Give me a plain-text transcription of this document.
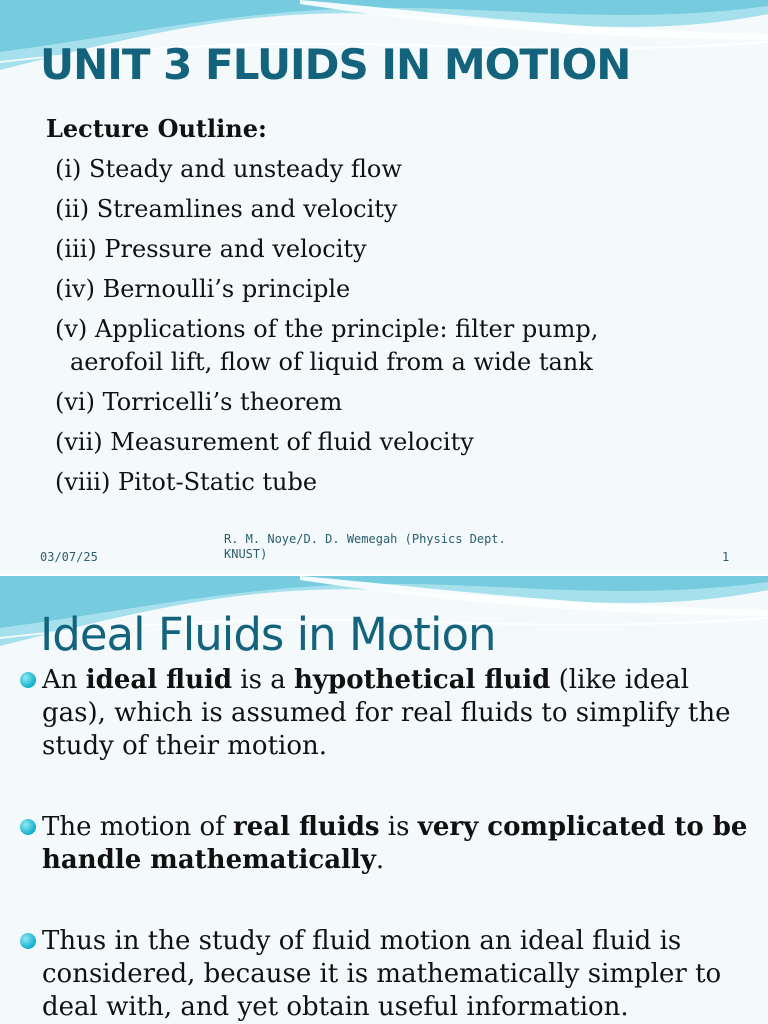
UNIT 3 FLUIDS IN MOTION
Lecture Outline:
(i) Steady and unsteady flow
(ii) Streamlines and velocity
(iii) Pressure and velocity
(iv) Bernoulli’s principle
(v) Applications of the principle: filter pump,
aerofoil lift, flow of liquid from a wide tank
(vi) Torricelli’s theorem
(vii) Measurement of fluid velocity
(viii) Pitot-Static tube
03/07/25
R. M. Noye/D. D. Wemegah (Physics Dept.
KNUST)	1
Ideal Fluids in Motion
An ideal fluid is a hypothetical fluid (like ideal gas), which is assumed for real fluids to simplify the study of their motion.
The motion of real fluids is very complicated to be handle mathematically.
Thus in the study of fluid motion an ideal fluid is considered, because it is mathematically simpler to deal with, and yet obtain useful information.
